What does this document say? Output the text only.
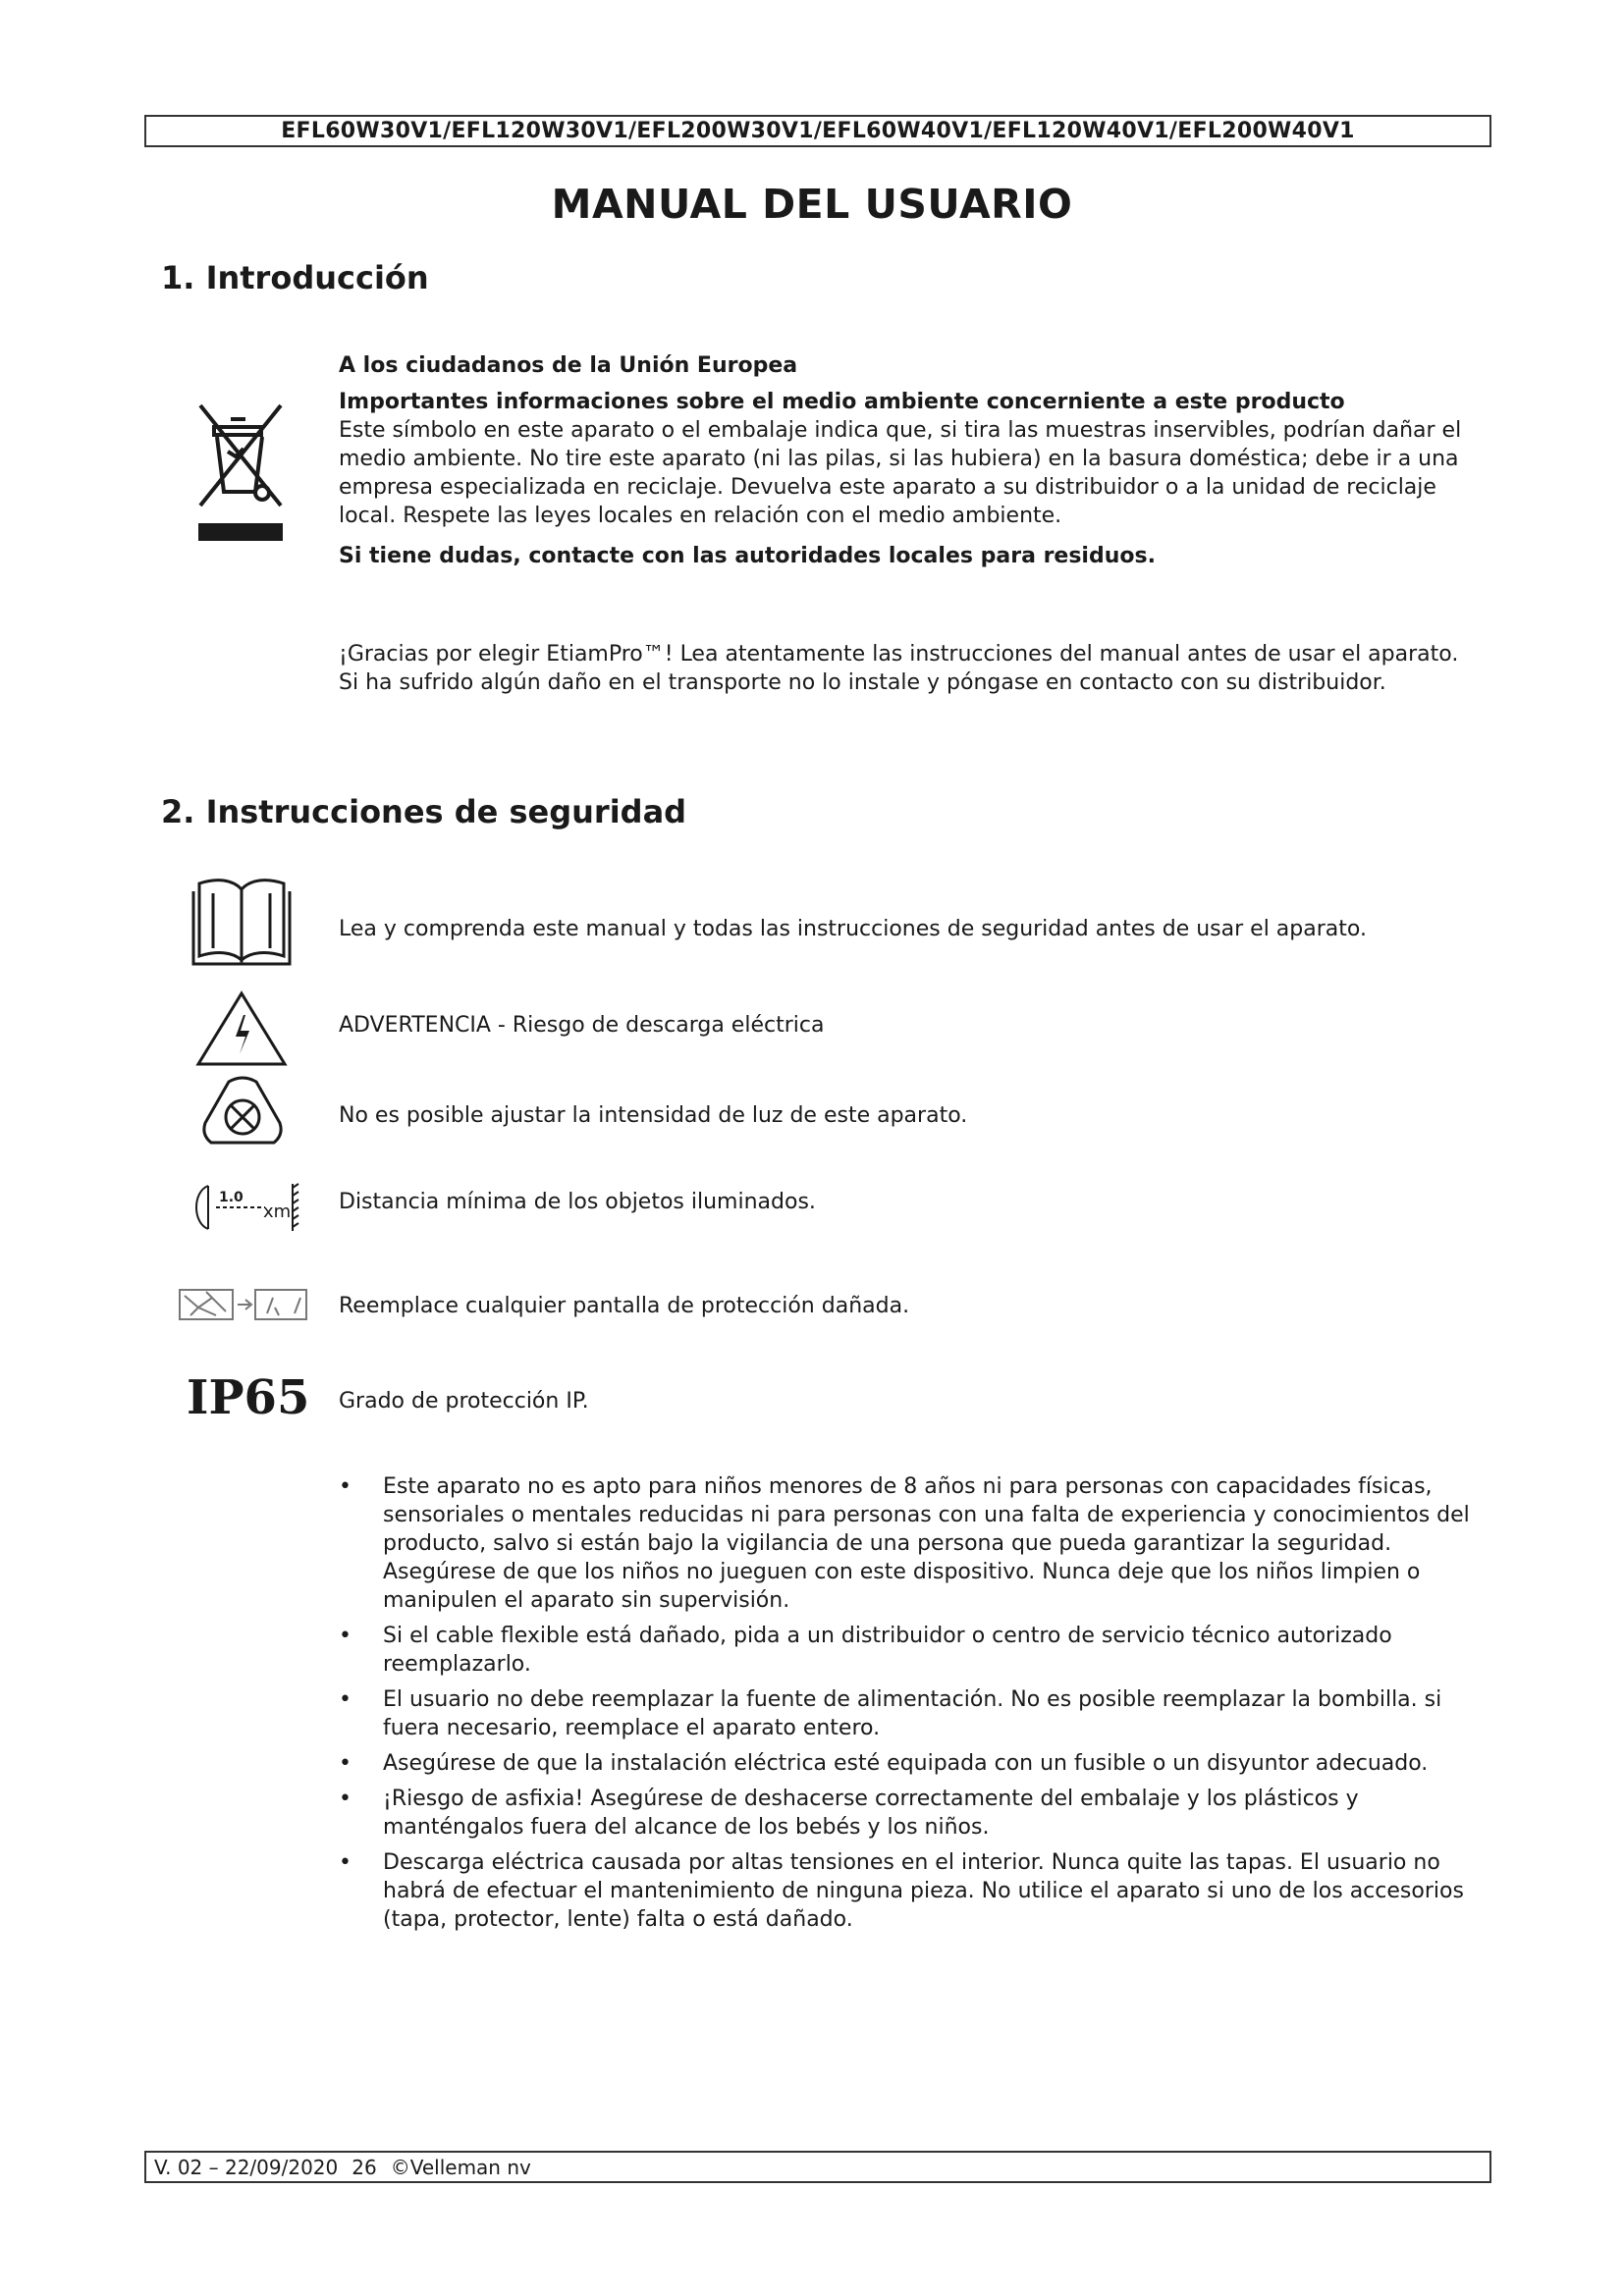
EFL60W30V1/EFL120W30V1/EFL200W30V1/EFL60W40V1/EFL120W40V1/EFL200W40V1
MANUAL DEL USUARIO
1. Introducción

A los ciudadanos de la Unión Europea

Importantes informaciones sobre el medio ambiente concerniente a este producto

Este símbolo en este aparato o el embalaje indica que, si tira las muestras inservibles, podrían dañar el medio ambiente. No tire este aparato (ni las pilas, si las hubiera) en la basura doméstica; debe ir a una empresa especializada en reciclaje. Devuelva este aparato a su distribuidor o a la unidad de reciclaje local. Respete las leyes locales en relación con el medio ambiente.

Si tiene dudas, contacte con las autoridades locales para residuos.

¡Gracias por elegir EtiamPro™! Lea atentamente las instrucciones del manual antes de usar el aparato. Si ha sufrido algún daño en el transporte no lo instale y póngase en contacto con su distribuidor.

2. Instrucciones de seguridad
Lea y comprenda este manual y todas las instrucciones de seguridad antes de usar el aparato.
ADVERTENCIA - Riesgo de descarga eléctrica
No es posible ajustar la intensidad de luz de este aparato.
1.0
xm Distancia mínima de los objetos iluminados.
Reemplace cualquier pantalla de protección dañada.
IP65 Grado de protección IP.
• Este aparato no es apto para niños menores de 8 años ni para personas con capacidades físicas, sensoriales o mentales reducidas ni para personas con una falta de experiencia y conocimientos del producto, salvo si están bajo la vigilancia de una persona que pueda garantizar la seguridad. Asegúrese de que los niños no jueguen con este dispositivo. Nunca deje que los niños limpien o manipulen el aparato sin supervisión.
• Si el cable flexible está dañado, pida a un distribuidor o centro de servicio técnico autorizado reemplazarlo.
• El usuario no debe reemplazar la fuente de alimentación. No es posible reemplazar la bombilla. si fuera necesario, reemplace el aparato entero.
• Asegúrese de que la instalación eléctrica esté equipada con un fusible o un disyuntor adecuado.
• ¡Riesgo de asfixia! Asegúrese de deshacerse correctamente del embalaje y los plásticos y manténgalos fuera del alcance de los bebés y los niños.
• Descarga eléctrica causada por altas tensiones en el interior. Nunca quite las tapas. El usuario no habrá de efectuar el mantenimiento de ninguna pieza. No utilice el aparato si uno de los accesorios (tapa, protector, lente) falta o está dañado.
V. 02 – 22/09/2020 26 ©Velleman nv
